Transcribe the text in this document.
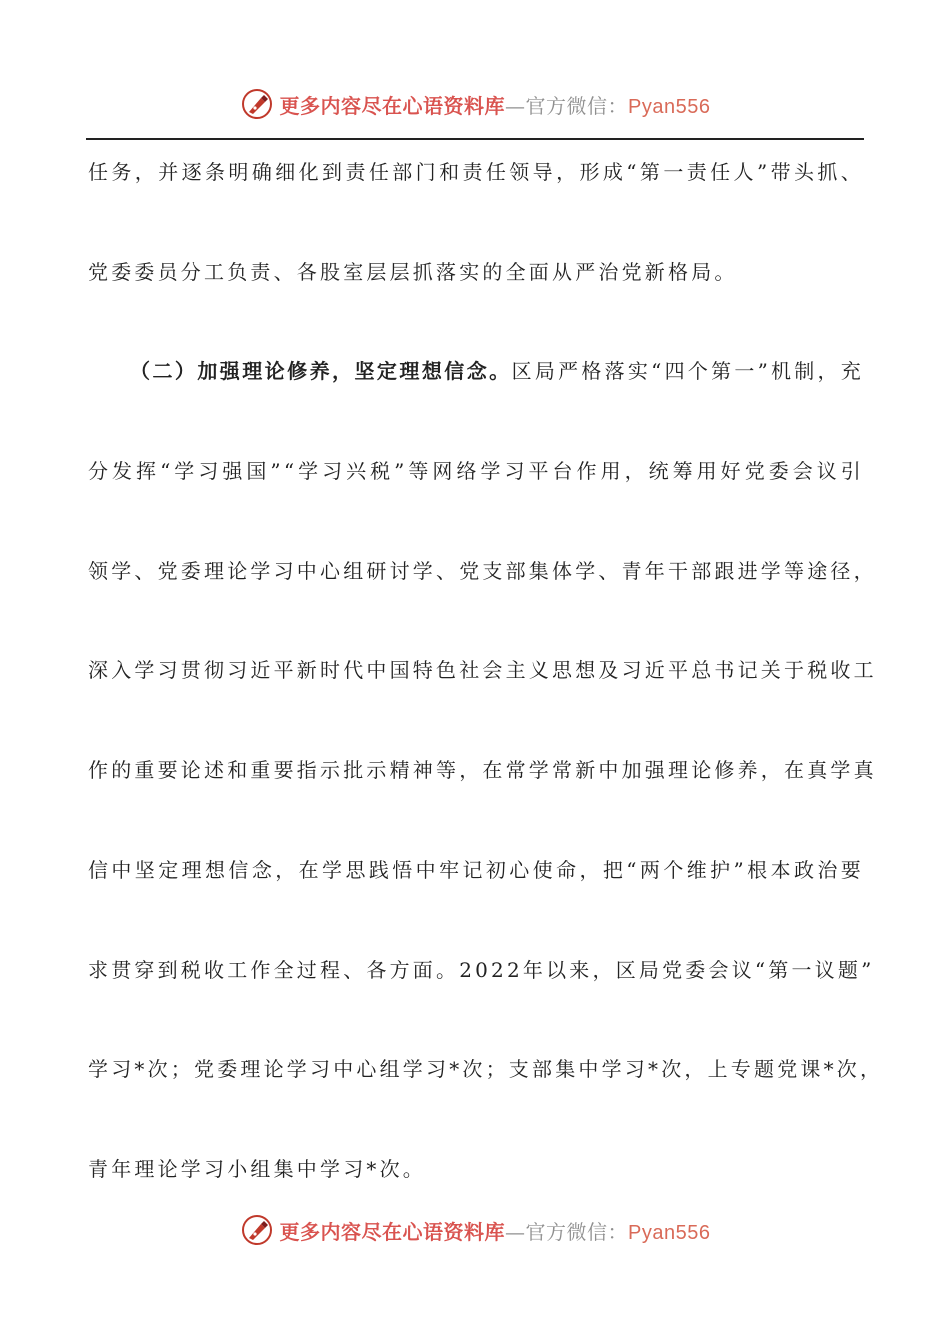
更多内容尽在心语资料库—官方微信：Pyan556
任务，并逐条明确细化到责任部门和责任领导，形成“第一责任人”带头抓、
党委委员分工负责、各股室层层抓落实的全面从严治党新格局。
（二）加强理论修养，坚定理想信念。区局严格落实“四个第一”机制，充
分发挥“学习强国”“学习兴税”等网络学习平台作用，统筹用好党委会议引
领学、党委理论学习中心组研讨学、党支部集体学、青年干部跟进学等途径，
深入学习贯彻习近平新时代中国特色社会主义思想及习近平总书记关于税收工
作的重要论述和重要指示批示精神等，在常学常新中加强理论修养，在真学真
信中坚定理想信念，在学思践悟中牢记初心使命，把“两个维护”根本政治要
求贯穿到税收工作全过程、各方面。2022年以来，区局党委会议“第一议题”
学习*次；党委理论学习中心组学习*次；支部集中学习*次，上专题党课*次，
青年理论学习小组集中学习*次。
更多内容尽在心语资料库—官方微信：Pyan556
